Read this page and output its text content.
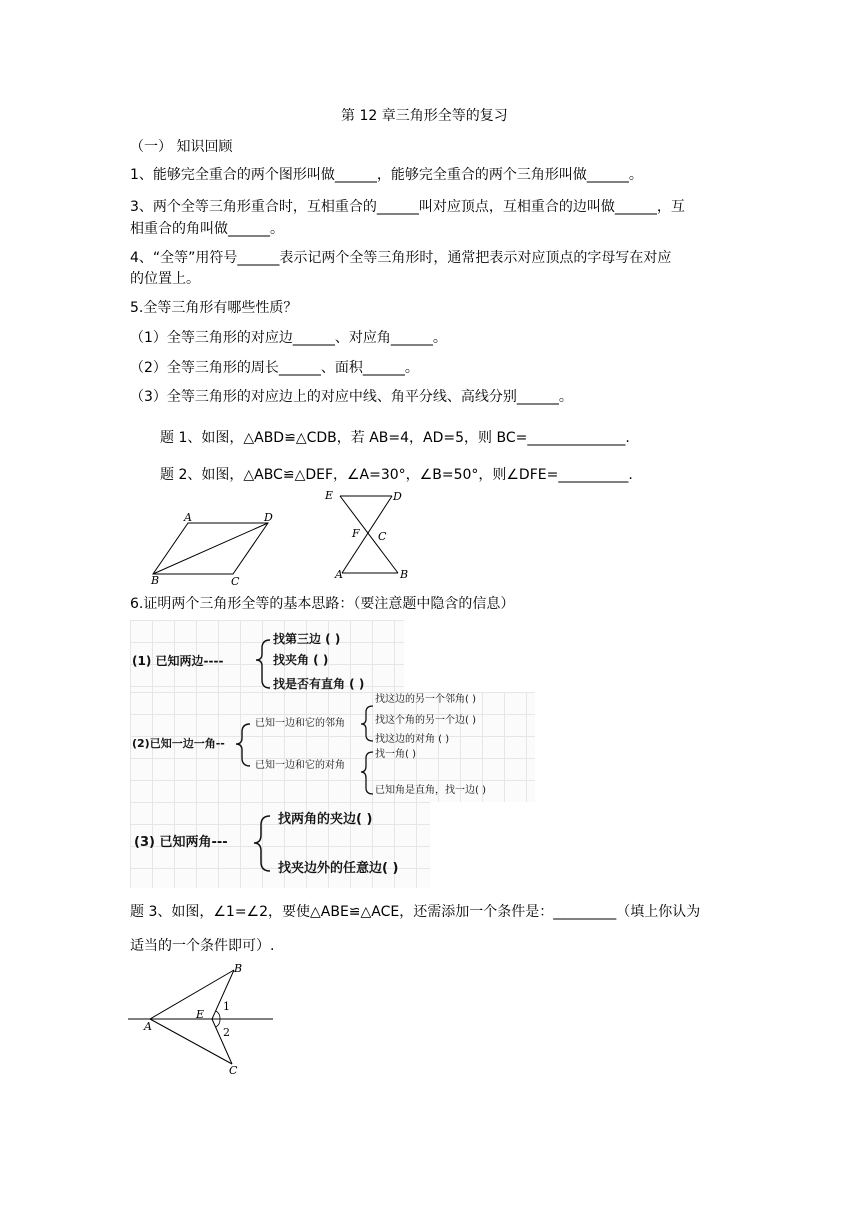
第 12 章三角形全等的复习
（一） 知识回顾
1、能够完全重合的两个图形叫做______，能够完全重合的两个三角形叫做______。
3、两个全等三角形重合时，互相重合的______叫对应顶点，互相重合的边叫做______，互
相重合的角叫做______。
4、“全等”用符号______表示记两个全等三角形时，通常把表示对应顶点的字母写在对应
的位置上。
5.全等三角形有哪些性质？
（1）全等三角形的对应边______、对应角______。
（2）全等三角形的周长______、面积______。
（3）全等三角形的对应边上的对应中线、角平分线、高线分别______。
题 1、如图，△ABD≌△CDB，若 AB=4，AD=5，则 BC=______________.
题 2、如图，△ABC≌△DEF，∠A=30°，∠B=50°，则∠DFE=__________.
A	D
B	C
E	D
F C
A	B
6.证明两个三角形全等的基本思路：（要注意题中隐含的信息）
(1) 已知两边----
找第三边 ( )
找夹角 ( )
找是否有直角 ( )
(2)已知一边一角--
已知一边和它的邻角
已知一边和它的对角
找这边的另一个邻角( )
找这个角的另一个边( )
找这边的对角 ( )
找一角( )
已知角是直角，找一边( )
(3) 已知两角---
找两角的夹边( )
找夹边外的任意边( )
题 3、如图，∠1=∠2，要使△ABE≌△ACE，还需添加一个条件是：_________（填上你认为
适当的一个条件即可）.
B
E
1
2
A
C
